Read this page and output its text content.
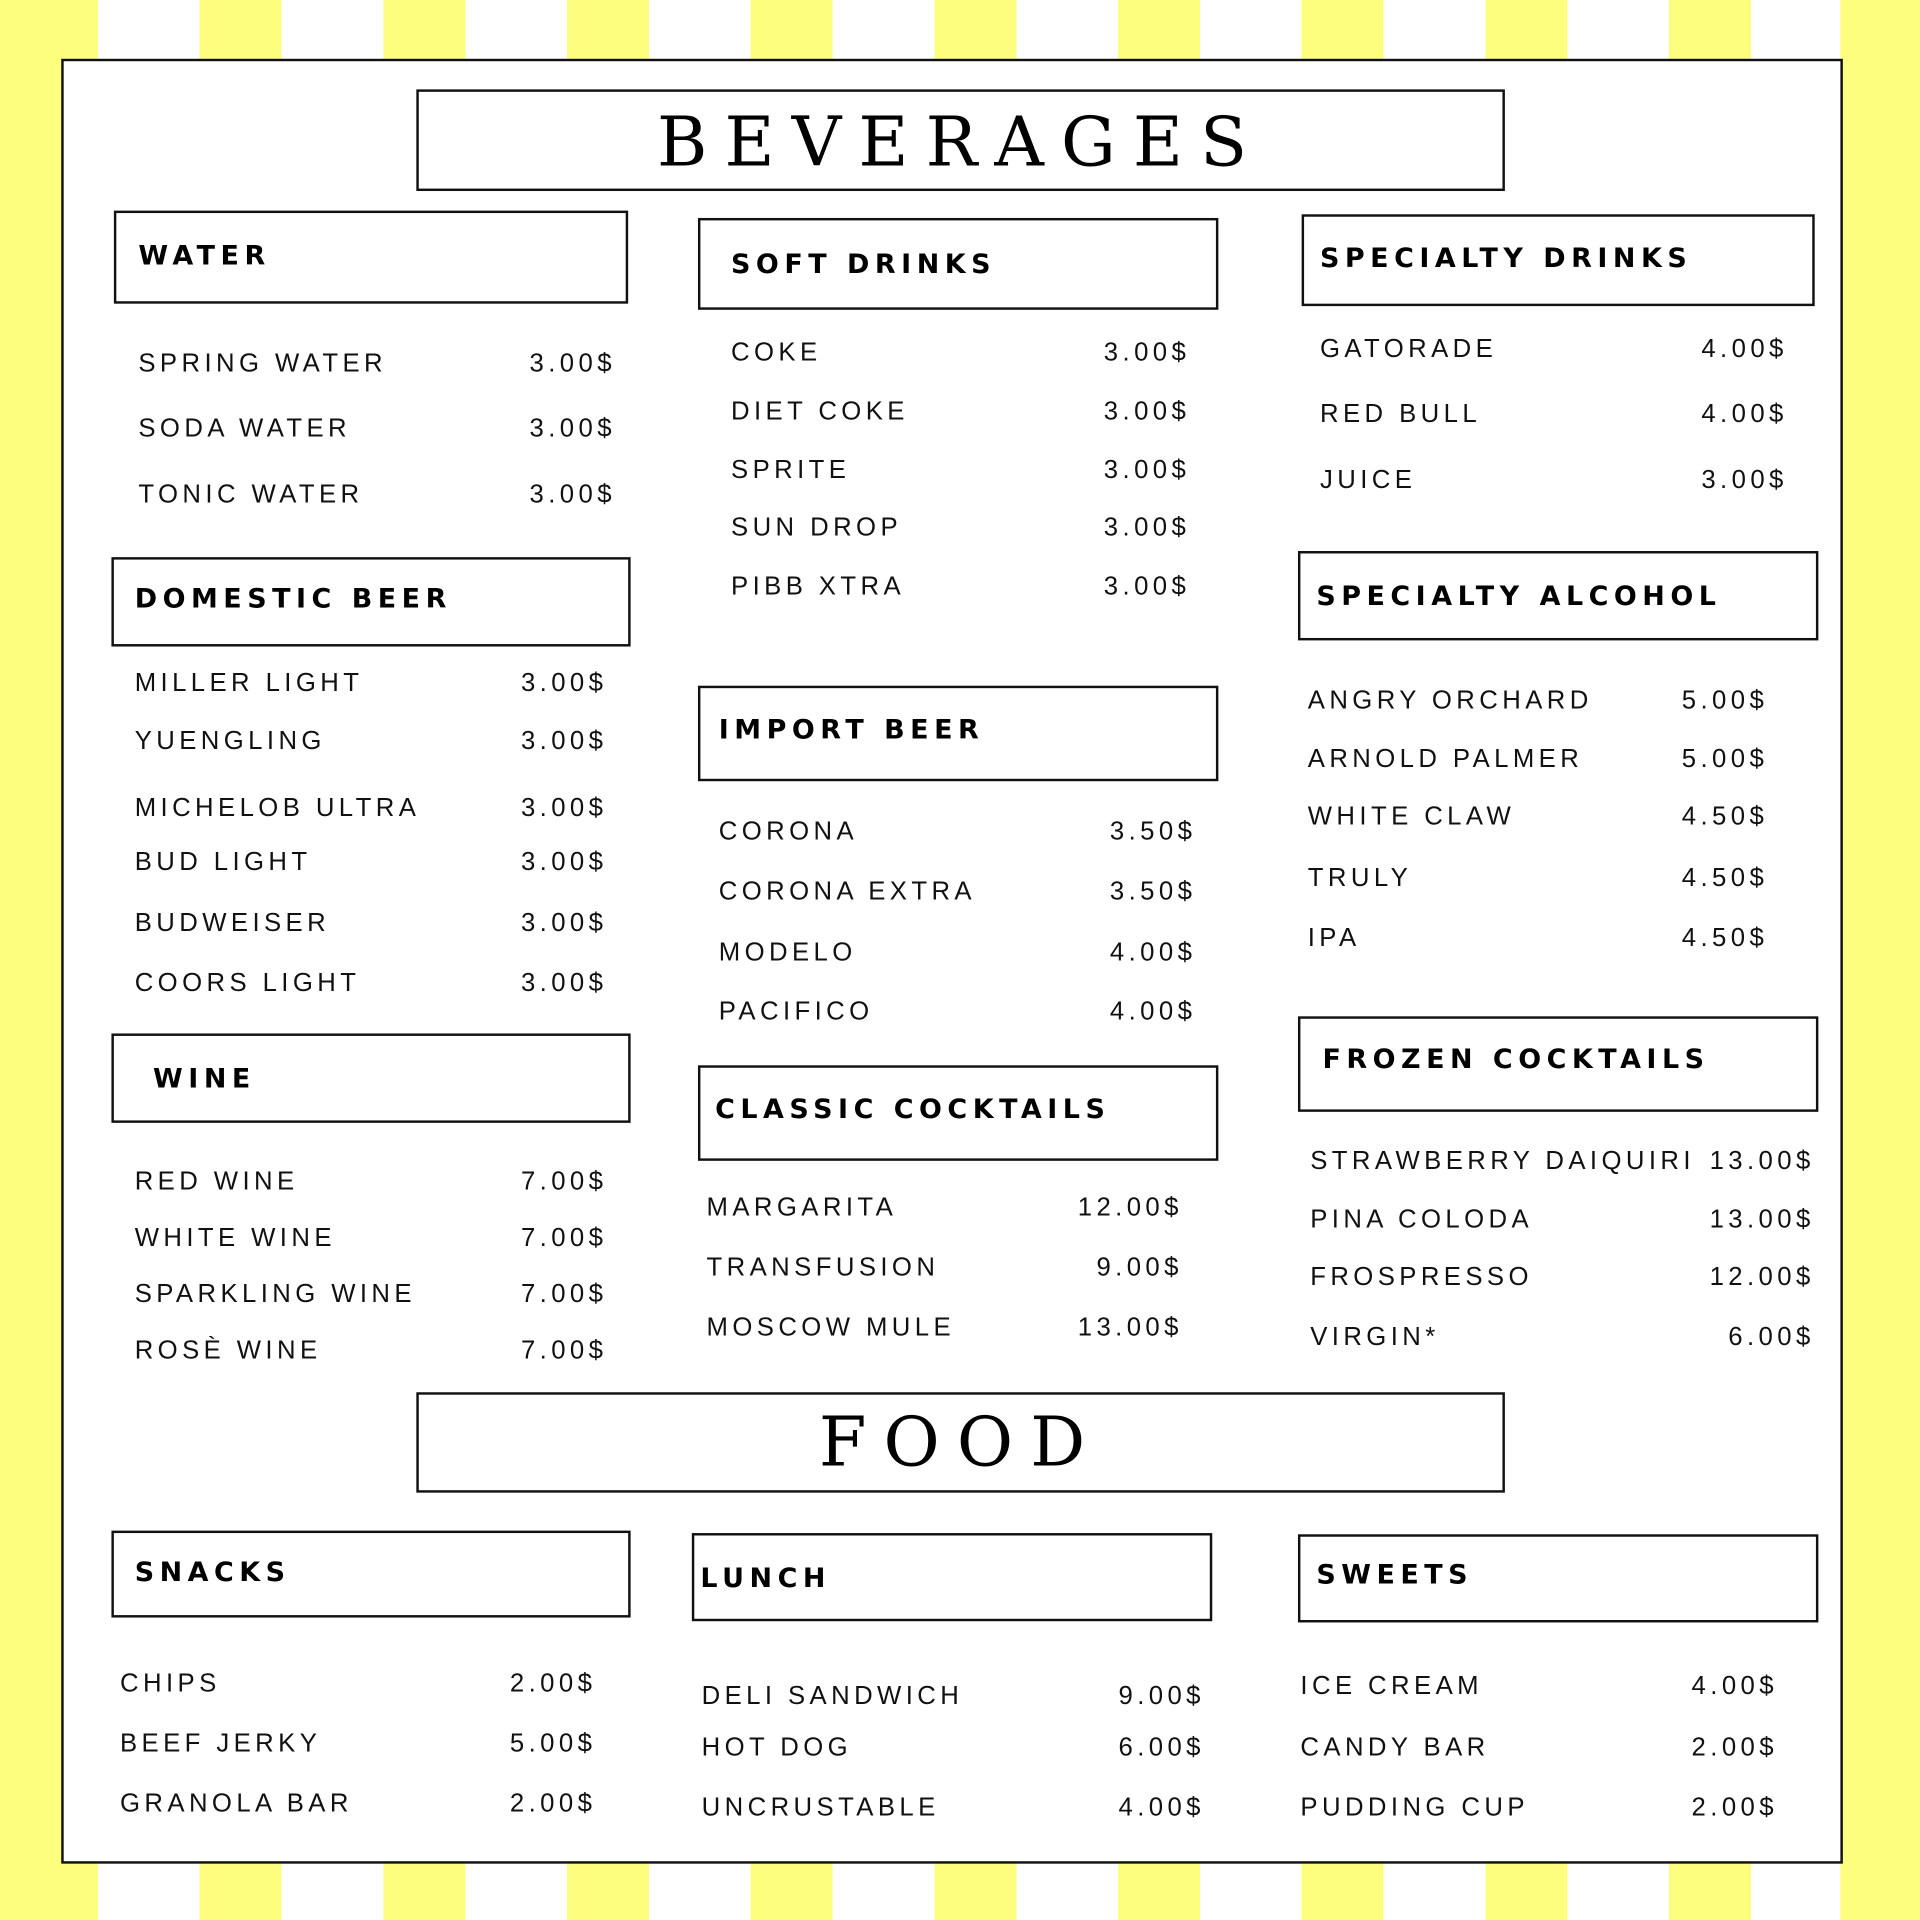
BEVERAGES
FOOD
WATER
SPRING WATER	3.00$
SODA WATER	3.00$
TONIC WATER	3.00$
DOMESTIC BEER
MILLER LIGHT	3.00$
YUENGLING	3.00$
MICHELOB ULTRA	3.00$
BUD LIGHT	3.00$
BUDWEISER	3.00$
COORS LIGHT	3.00$
WINE
RED WINE	7.00$
WHITE WINE	7.00$
SPARKLING WINE	7.00$
ROSÈ WINE	7.00$
SOFT DRINKS
COKE	3.00$
DIET COKE	3.00$
SPRITE	3.00$
SUN DROP	3.00$
PIBB XTRA	3.00$
IMPORT BEER
CORONA	3.50$
CORONA EXTRA	3.50$
MODELO	4.00$
PACIFICO	4.00$
CLASSIC COCKTAILS
MARGARITA	12.00$
TRANSFUSION	9.00$
MOSCOW MULE	13.00$
SPECIALTY DRINKS
GATORADE	4.00$
RED BULL	4.00$
JUICE	3.00$
SPECIALTY ALCOHOL
ANGRY ORCHARD	5.00$
ARNOLD PALMER	5.00$
WHITE CLAW	4.50$
TRULY	4.50$
IPA	4.50$
FROZEN COCKTAILS
STRAWBERRY DAIQUIRI 13.00$
PINA COLODA	13.00$
FROSPRESSO	12.00$
VIRGIN*	6.00$
SNACKS
CHIPS	2.00$
BEEF JERKY	5.00$
GRANOLA BAR	2.00$
LUNCH
DELI SANDWICH	9.00$
HOT DOG	6.00$
UNCRUSTABLE	4.00$
SWEETS
ICE CREAM	4.00$
CANDY BAR	2.00$
PUDDING CUP	2.00$
